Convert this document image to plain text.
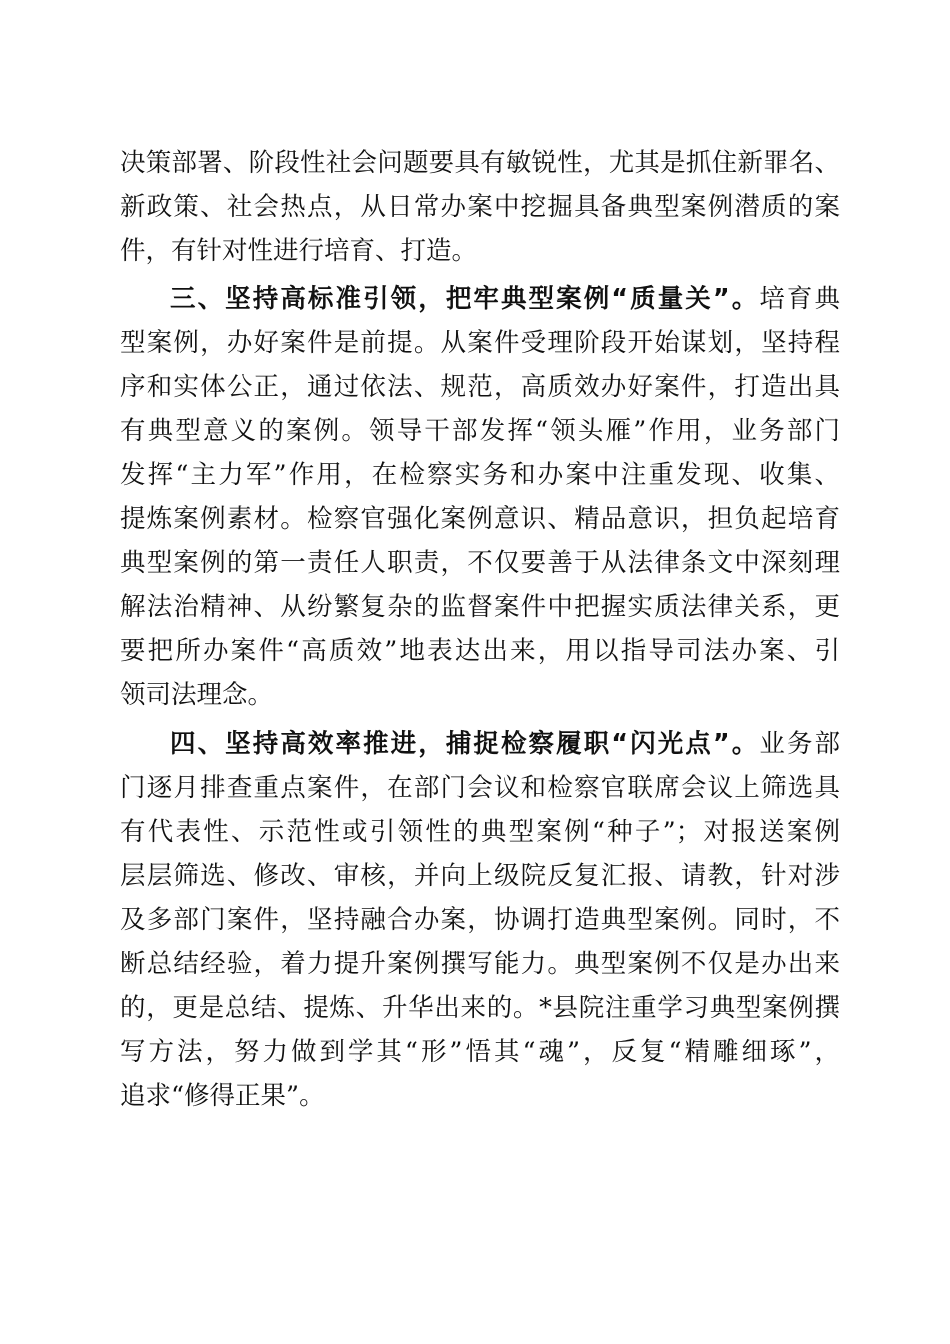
决策部署、阶段性社会问题要具有敏锐性，尤其是抓住新罪名、
新政策、社会热点，从日常办案中挖掘具备典型案例潜质的案
件，有针对性进行培育、打造。
三、坚持高标准引领，把牢典型案例“质量关”。培育典
型案例，办好案件是前提。从案件受理阶段开始谋划，坚持程
序和实体公正，通过依法、规范，高质效办好案件，打造出具
有典型意义的案例。领导干部发挥“领头雁”作用，业务部门
发挥“主力军”作用，在检察实务和办案中注重发现、收集、
提炼案例素材。检察官强化案例意识、精品意识，担负起培育
典型案例的第一责任人职责，不仅要善于从法律条文中深刻理
解法治精神、从纷繁复杂的监督案件中把握实质法律关系，更
要把所办案件“高质效”地表达出来，用以指导司法办案、引
领司法理念。
四、坚持高效率推进，捕捉检察履职“闪光点”。业务部
门逐月排查重点案件，在部门会议和检察官联席会议上筛选具
有代表性、示范性或引领性的典型案例“种子”；对报送案例
层层筛选、修改、审核，并向上级院反复汇报、请教，针对涉
及多部门案件，坚持融合办案，协调打造典型案例。同时，不
断总结经验，着力提升案例撰写能力。典型案例不仅是办出来
的，更是总结、提炼、升华出来的。*县院注重学习典型案例撰
写方法，努力做到学其“形”悟其“魂”，反复“精雕细琢”，
追求“修得正果”。
